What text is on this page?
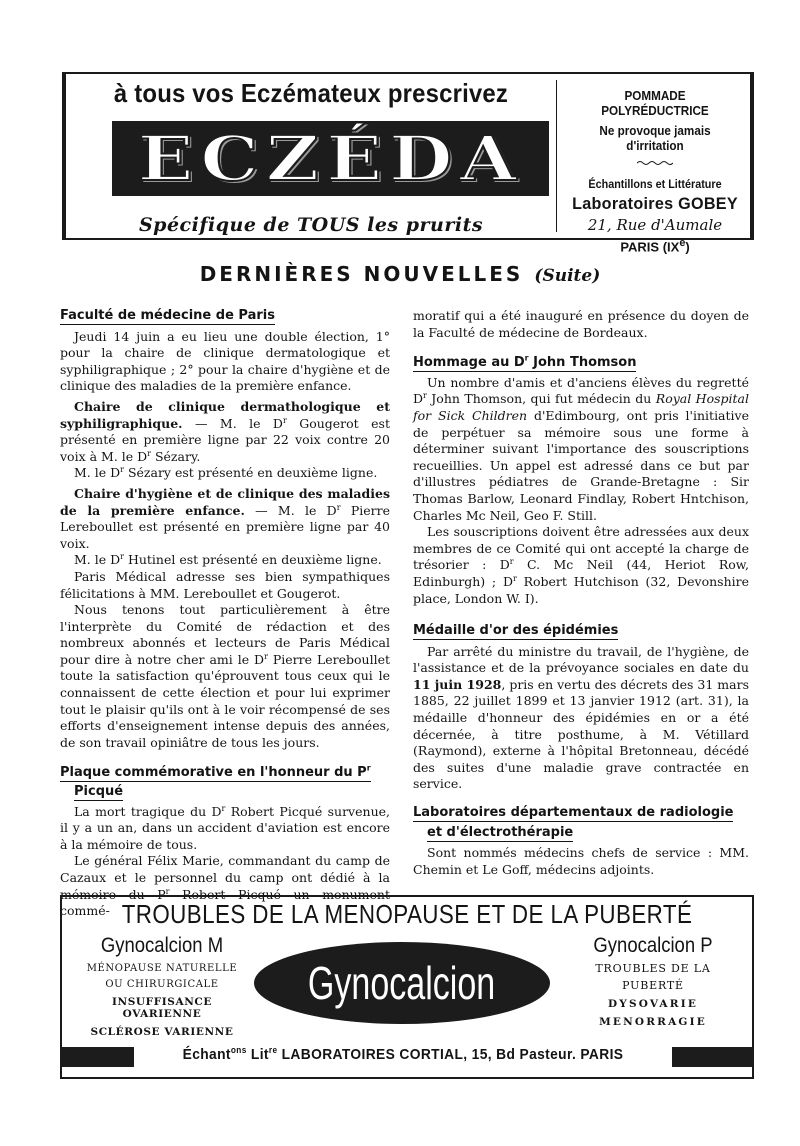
à tous vos Eczémateux prescrivez
ECZÉDA
Spécifique de TOUS les prurits
POMMADE POLYRÉDUCTRICE
Ne provoque jamais d'irritation
Échantillons et Littérature
Laboratoires GOBEY
21, Rue d'Aumale
PARIS (IXe)
DERNIÈRES NOUVELLES (Suite)

Faculté de médecine de Paris

Jeudi 14 juin a eu lieu une double élection, 1° pour la chaire de clinique dermatologique et syphiligraphique ; 2° pour la chaire d'hygiène et de clinique des maladies de la première enfance.

Chaire de clinique dermathologique et syphiligraphique. — M. le $D^r$ Gougerot est présenté en première ligne par 22 voix contre 20 voix à M. le $D^r$ Sézary.

M. le $D^r$ Sézary est présenté en deuxième ligne.

Chaire d'hygiène et de clinique des maladies de la première enfance. — M. le $D^r$ Pierre Lereboullet est présenté en première ligne par 40 voix.

M. le $D^r$ Hutinel est présenté en deuxième ligne.

Paris Médical adresse ses bien sympathiques félicitations à MM. Lereboullet et Gougerot.

Nous tenons tout particulièrement à être l'interprète du Comité de rédaction et des nombreux abonnés et lecteurs de Paris Médical pour dire à notre cher ami le $D^r$ Pierre Lereboullet toute la satisfaction qu'éprouvent tous ceux qui le connaissent de cette élection et pour lui exprimer tout le plaisir qu'ils ont à le voir récompensé de ses efforts d'enseignement intense depuis des années, de son travail opiniâtre de tous les jours.

Plaque commémorative en l'honneur du $P^r$

Picqué

La mort tragique du $D^r$ Robert Picqué survenue, il y a un an, dans un accident d'aviation est encore à la mémoire de tous.

Le général Félix Marie, commandant du camp de Cazaux et le personnel du camp ont dédié à la mémoire du $P^r$ Robert Picqué un monument commé-

moratif qui a été inauguré en présence du doyen de la Faculté de médecine de Bordeaux.

Hommage au $D^r$ John Thomson

Un nombre d'amis et d'anciens élèves du regretté $D^r$ John Thomson, qui fut médecin du Royal Hospital for Sick Children d'Edimbourg, ont pris l'initiative de perpétuer sa mémoire sous une forme à déterminer suivant l'importance des souscriptions recueillies. Un appel est adressé dans ce but par d'illustres pédiatres de Grande-Bretagne : Sir Thomas Barlow, Leonard Findlay, Robert Hntchison, Charles Mc Neil, Geo F. Still.

Les souscriptions doivent être adressées aux deux membres de ce Comité qui ont accepté la charge de trésorier : $D^r$ C. Mc Neil (44, Heriot Row, Edinburgh) ; $D^r$ Robert Hutchison (32, Devonshire place, London W. I).

Médaille d'or des épidémies

Par arrêté du ministre du travail, de l'hygiène, de l'assistance et de la prévoyance sociales en date du 11 juin 1928, pris en vertu des décrets des 31 mars 1885, 22 juillet 1899 et 13 janvier 1912 (art. 31), la médaille d'honneur des épidémies en or a été décernée, à titre posthume, à M. Vétillard (Raymond), externe à l'hôpital Bretonneau, décédé des suites d'une maladie grave contractée en service.

Laboratoires départementaux de radiologie

et d'électrothérapie

Sont nommés médecins chefs de service : MM. Chemin et Le Goff, médecins adjoints.

TROUBLES DE LA MENOPAUSE ET DE LA PUBERTÉ
Gynocalcion M
MÉNOPAUSE NATURELLE
OU CHIRURGICALE
INSUFFISANCE OVARIENNE
SCLÉROSE VARIENNE
Gynocalcion
Gynocalcion P
TROUBLES DE LA
PUBERTÉ
DYSOVARIE
MENORRAGIE
Échant$^{ons}$ Lit$^{re}$ LABORATOIRES CORTIAL, 15, Bd Pasteur. PARIS
